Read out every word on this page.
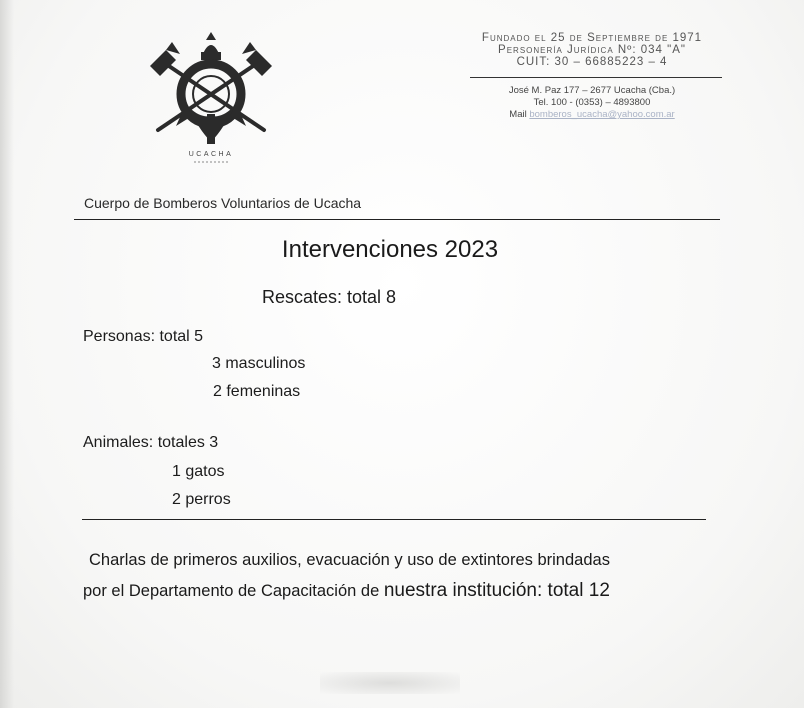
UCACHA
Fundado el 25 de Septiembre de 1971
Personería Jurídica Nº: 034 "A"
CUIT: 30 – 66885223 – 4
José M. Paz 177 – 2677 Ucacha (Cba.)
Tel. 100 - (0353) – 4893800
Mail bomberos_ucacha@yahoo.com.ar
Cuerpo de Bomberos Voluntarios de Ucacha
Intervenciones 2023
Rescates: total 8
Personas: total 5
3 masculinos
2 femeninas
Animales: totales 3
1 gatos
2 perros
Charlas de primeros auxilios, evacuación y uso de extintores brindadas
por el Departamento de Capacitación de nuestra institución: total 12
